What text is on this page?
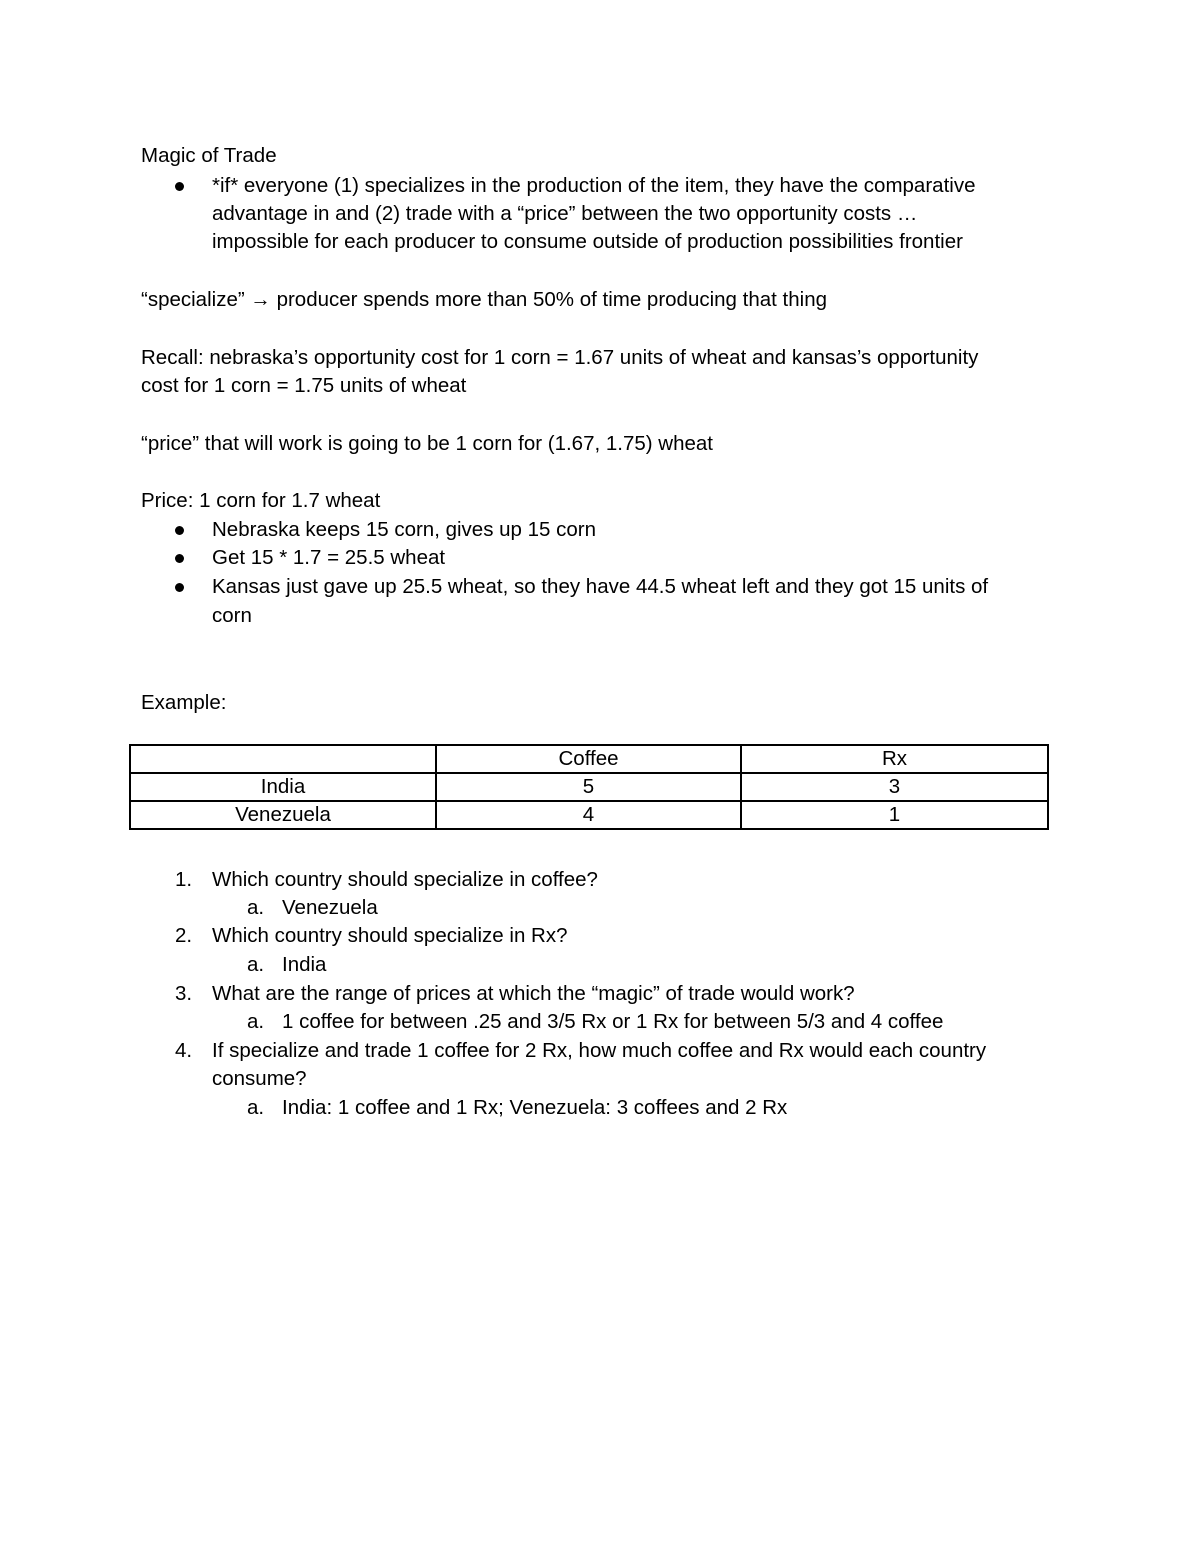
Magic of Trade
*if* everyone (1) specializes in the production of the item, they have the comparative
advantage in and (2) trade with a “price” between the two opportunity costs …
impossible for each producer to consume outside of production possibilities frontier
“specialize” → producer spends more than 50% of time producing that thing
Recall: nebraska’s opportunity cost for 1 corn = 1.67 units of wheat and kansas’s opportunity
cost for 1 corn = 1.75 units of wheat
“price” that will work is going to be 1 corn for (1.67, 1.75) wheat
Price: 1 corn for 1.7 wheat
Nebraska keeps 15 corn, gives up 15 corn
Get 15 * 1.7 = 25.5 wheat
Kansas just gave up 25.5 wheat, so they have 44.5 wheat left and they got 15 units of
corn
Example:
	Coffee	Rx
India	5	3
Venezuela	4	1
1. Which country should specialize in coffee?
a. Venezuela
2. Which country should specialize in Rx?
a. India
3. What are the range of prices at which the “magic” of trade would work?
a. 1 coffee for between .25 and 3/5 Rx or 1 Rx for between 5/3 and 4 coffee
4. If specialize and trade 1 coffee for 2 Rx, how much coffee and Rx would each country
consume?
a. India: 1 coffee and 1 Rx; Venezuela: 3 coffees and 2 Rx
